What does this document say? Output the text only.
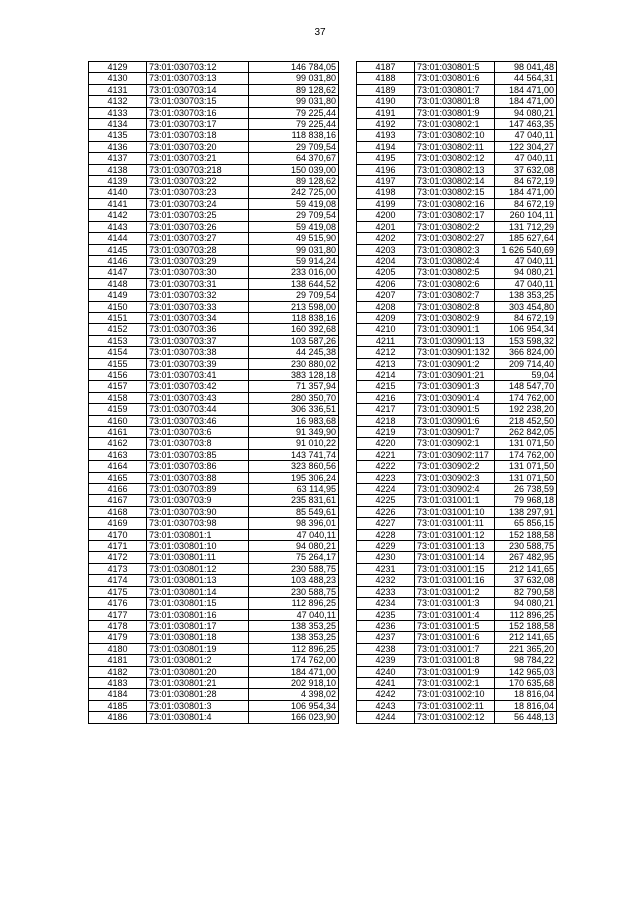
37
4129	73:01:030703:12	146 784,05
4130	73:01:030703:13	99 031,80
4131	73:01:030703:14	89 128,62
4132	73:01:030703:15	99 031,80
4133	73:01:030703:16	79 225,44
4134	73:01:030703:17	79 225,44
4135	73:01:030703:18	118 838,16
4136	73:01:030703:20	29 709,54
4137	73:01:030703:21	64 370,67
4138	73:01:030703:218	150 039,00
4139	73:01:030703:22	89 128,62
4140	73:01:030703:23	242 725,00
4141	73:01:030703:24	59 419,08
4142	73:01:030703:25	29 709,54
4143	73:01:030703:26	59 419,08
4144	73:01:030703:27	49 515,90
4145	73:01:030703:28	99 031,80
4146	73:01:030703:29	59 914,24
4147	73:01:030703:30	233 016,00
4148	73:01:030703:31	138 644,52
4149	73:01:030703:32	29 709,54
4150	73:01:030703:33	213 598,00
4151	73:01:030703:34	118 838,16
4152	73:01:030703:36	160 392,68
4153	73:01:030703:37	103 587,26
4154	73:01:030703:38	44 245,38
4155	73:01:030703:39	230 880,02
4156	73:01:030703:41	383 128,18
4157	73:01:030703:42	71 357,94
4158	73:01:030703:43	280 350,70
4159	73:01:030703:44	306 336,51
4160	73:01:030703:46	16 983,68
4161	73:01:030703:6	91 349,90
4162	73:01:030703:8	91 010,22
4163	73:01:030703:85	143 741,74
4164	73:01:030703:86	323 860,56
4165	73:01:030703:88	195 306,24
4166	73:01:030703:89	63 114,95
4167	73:01:030703:9	235 831,61
4168	73:01:030703:90	85 549,61
4169	73:01:030703:98	98 396,01
4170	73:01:030801:1	47 040,11
4171	73:01:030801:10	94 080,21
4172	73:01:030801:11	75 264,17
4173	73:01:030801:12	230 588,75
4174	73:01:030801:13	103 488,23
4175	73:01:030801:14	230 588,75
4176	73:01:030801:15	112 896,25
4177	73:01:030801:16	47 040,11
4178	73:01:030801:17	138 353,25
4179	73:01:030801:18	138 353,25
4180	73:01:030801:19	112 896,25
4181	73:01:030801:2	174 762,00
4182	73:01:030801:20	184 471,00
4183	73:01:030801:21	202 918,10
4184	73:01:030801:28	4 398,02
4185	73:01:030801:3	106 954,34
4186	73:01:030801:4	166 023,90
4187	73:01:030801:5	98 041,48
4188	73:01:030801:6	44 564,31
4189	73:01:030801:7	184 471,00
4190	73:01:030801:8	184 471,00
4191	73:01:030801:9	94 080,21
4192	73:01:030802:1	147 463,35
4193	73:01:030802:10	47 040,11
4194	73:01:030802:11	122 304,27
4195	73:01:030802:12	47 040,11
4196	73:01:030802:13	37 632,08
4197	73:01:030802:14	84 672,19
4198	73:01:030802:15	184 471,00
4199	73:01:030802:16	84 672,19
4200	73:01:030802:17	260 104,11
4201	73:01:030802:2	131 712,29
4202	73:01:030802:27	185 627,64
4203	73:01:030802:3	1 626 540,69
4204	73:01:030802:4	47 040,11
4205	73:01:030802:5	94 080,21
4206	73:01:030802:6	47 040,11
4207	73:01:030802:7	138 353,25
4208	73:01:030802:8	303 454,80
4209	73:01:030802:9	84 672,19
4210	73:01:030901:1	106 954,34
4211	73:01:030901:13	153 598,32
4212	73:01:030901:132	366 824,00
4213	73:01:030901:2	209 714,40
4214	73:01:030901:21	59,04
4215	73:01:030901:3	148 547,70
4216	73:01:030901:4	174 762,00
4217	73:01:030901:5	192 238,20
4218	73:01:030901:6	218 452,50
4219	73:01:030901:7	262 842,05
4220	73:01:030902:1	131 071,50
4221	73:01:030902:117	174 762,00
4222	73:01:030902:2	131 071,50
4223	73:01:030902:3	131 071,50
4224	73:01:030902:4	26 738,59
4225	73:01:031001:1	79 968,18
4226	73:01:031001:10	138 297,91
4227	73:01:031001:11	65 856,15
4228	73:01:031001:12	152 188,58
4229	73:01:031001:13	230 588,75
4230	73:01:031001:14	267 482,95
4231	73:01:031001:15	212 141,65
4232	73:01:031001:16	37 632,08
4233	73:01:031001:2	82 790,58
4234	73:01:031001:3	94 080,21
4235	73:01:031001:4	112 896,25
4236	73:01:031001:5	152 188,58
4237	73:01:031001:6	212 141,65
4238	73:01:031001:7	221 365,20
4239	73:01:031001:8	98 784,22
4240	73:01:031001:9	142 965,03
4241	73:01:031002:1	170 635,68
4242	73:01:031002:10	18 816,04
4243	73:01:031002:11	18 816,04
4244	73:01:031002:12	56 448,13
